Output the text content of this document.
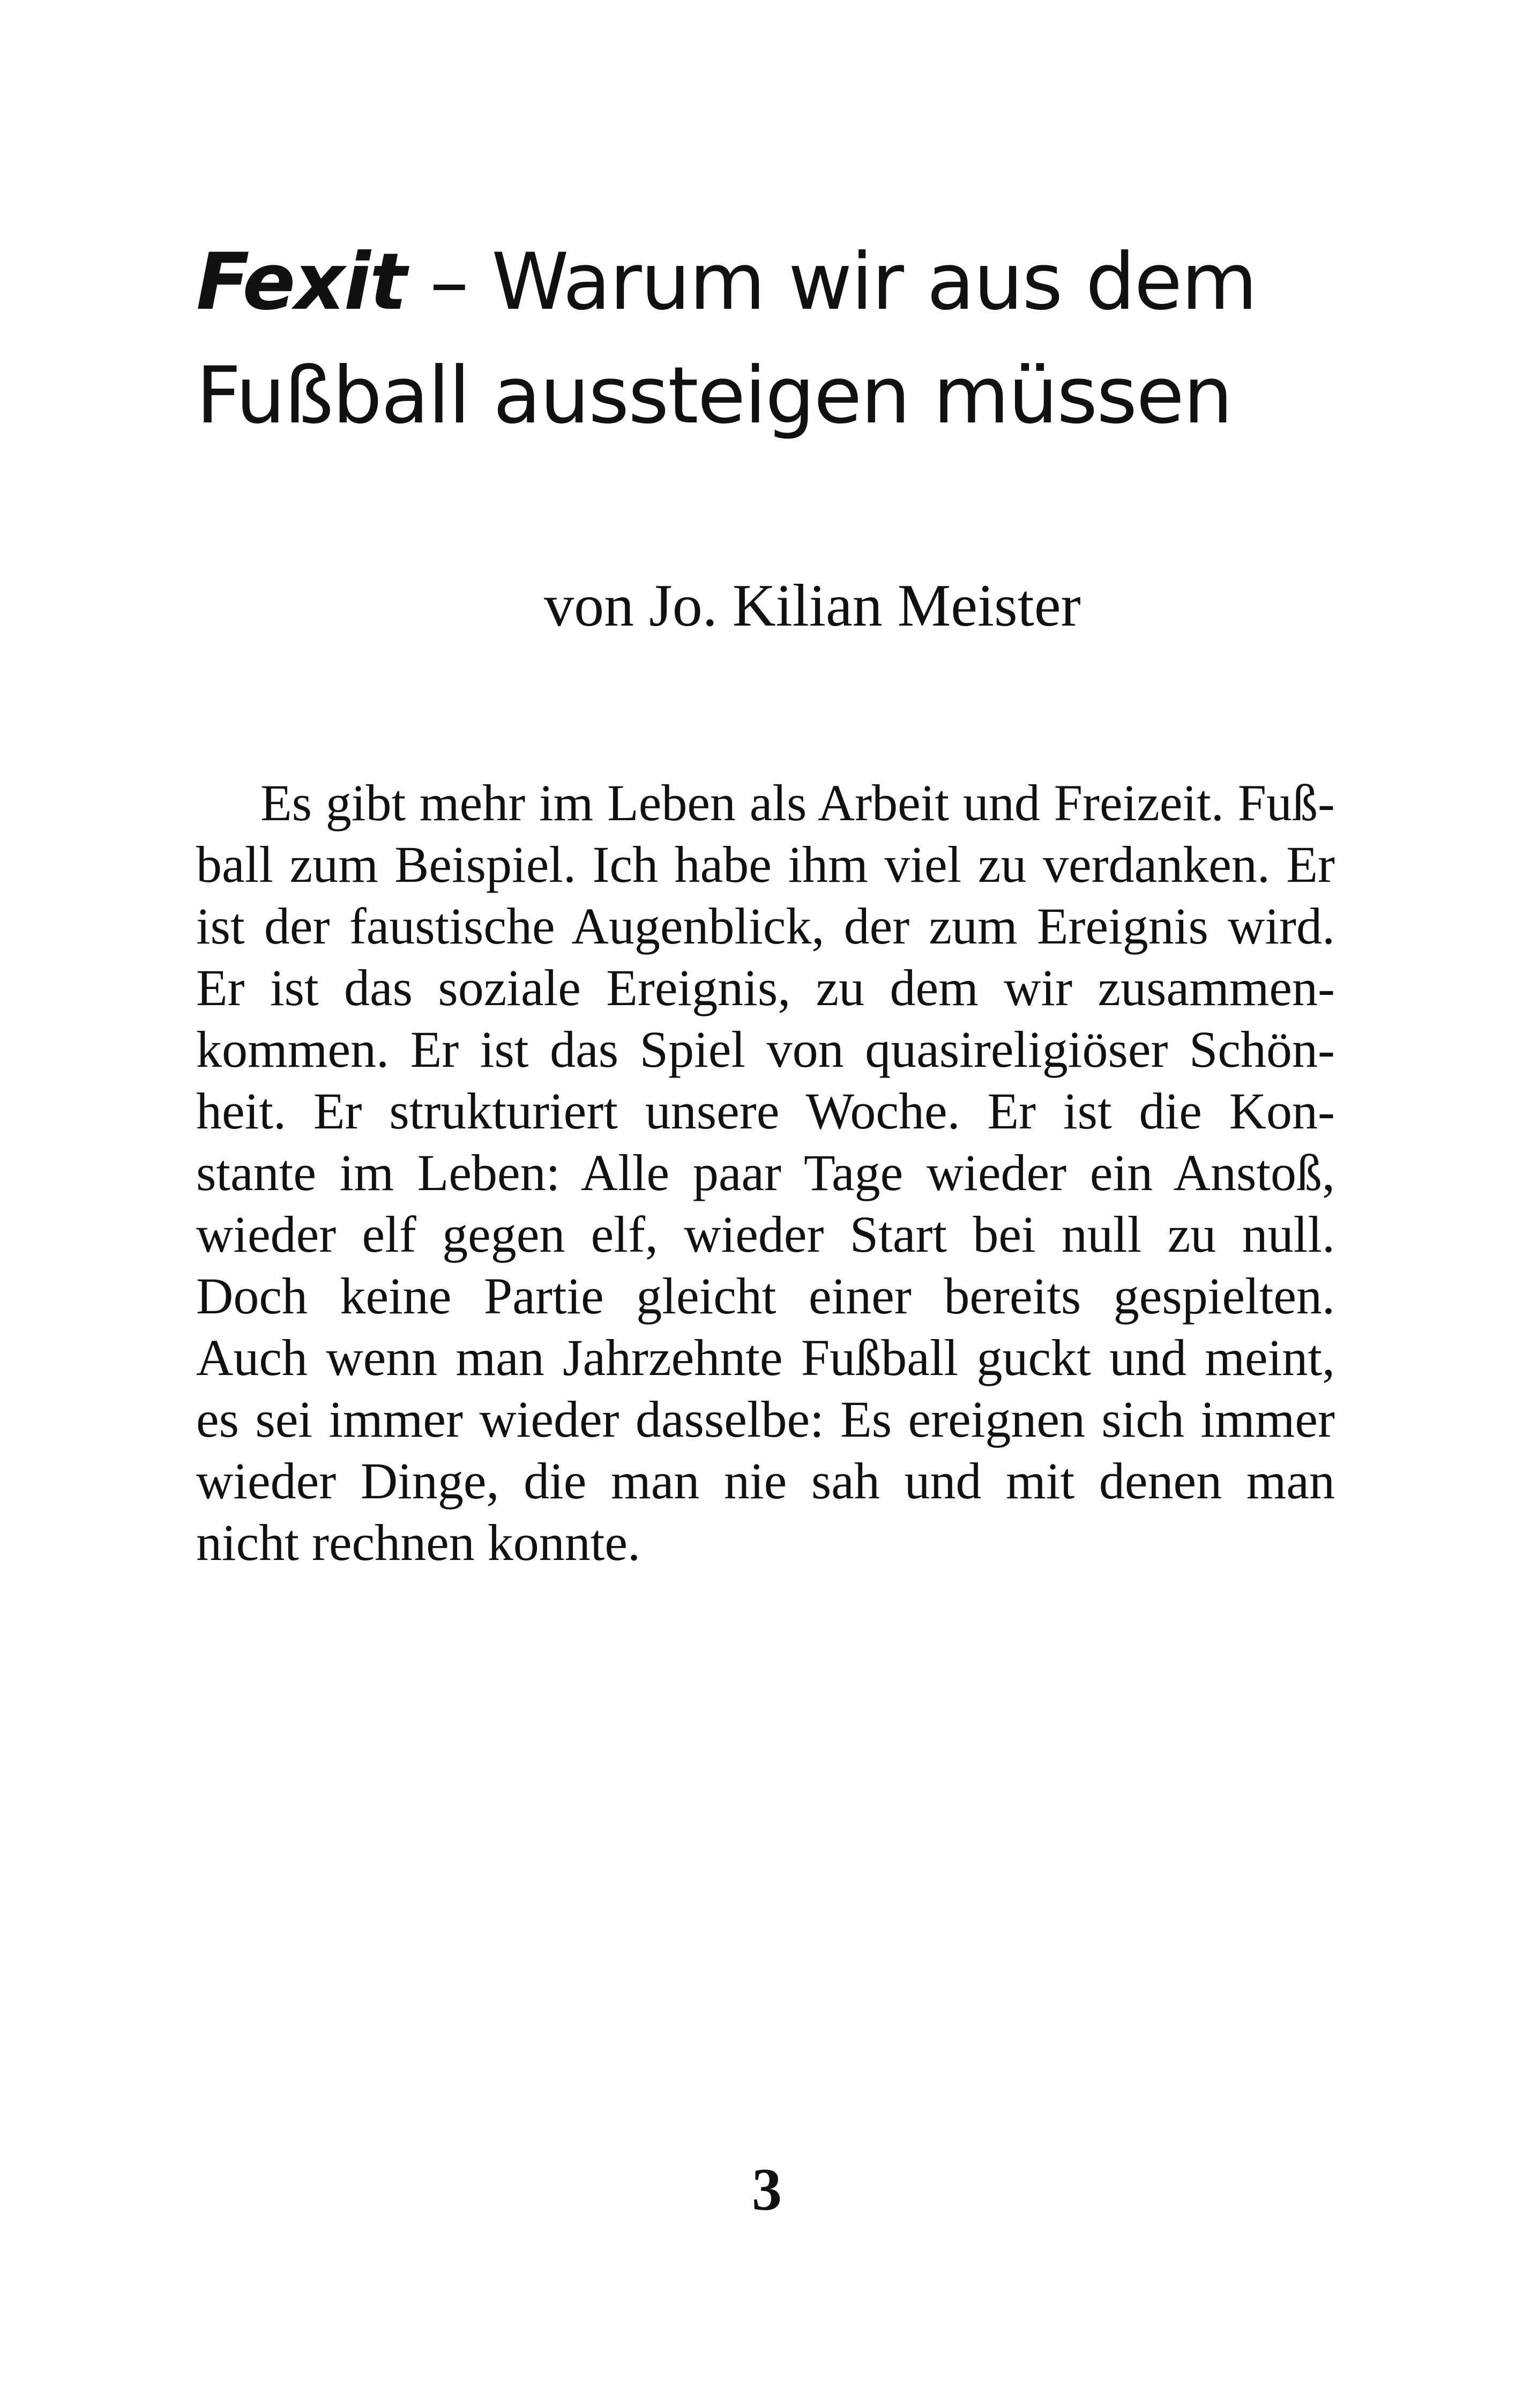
Fexit – Warum wir aus dem
Fußball aussteigen müssen
von Jo. Kilian Meister
Es gibt mehr im Leben als Arbeit und Freizeit. Fuß-
ball zum Beispiel. Ich habe ihm viel zu verdanken. Er
ist der faustische Augenblick, der zum Ereignis wird.
Er ist das soziale Ereignis, zu dem wir zusammen-
kommen. Er ist das Spiel von quasireligiöser Schön-
heit. Er strukturiert unsere Woche. Er ist die Kon-
stante im Leben: Alle paar Tage wieder ein Anstoß,
wieder elf gegen elf, wieder Start bei null zu null.
Doch keine Partie gleicht einer bereits gespielten.
Auch wenn man Jahrzehnte Fußball guckt und meint,
es sei immer wieder dasselbe: Es ereignen sich immer
wieder Dinge, die man nie sah und mit denen man
nicht rechnen konnte.
3
